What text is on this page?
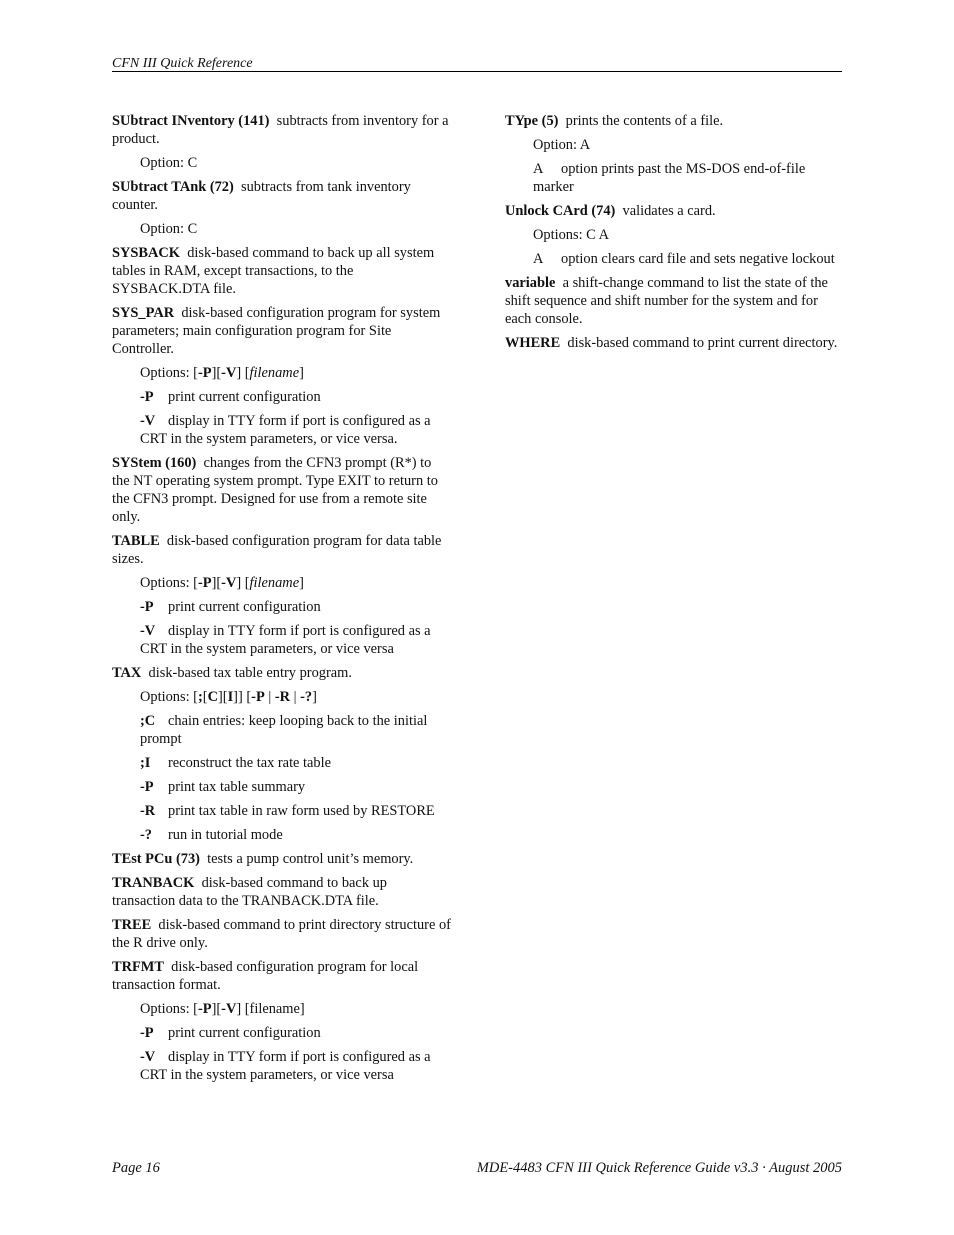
CFN III Quick Reference

SUbtract INventory (141) subtracts from inventory for a product.

Option: C

SUbtract TAnk (72) subtracts from tank inventory counter.

Option: C

SYSBACK disk-based command to back up all system tables in RAM, except transactions, to the SYSBACK.DTA file.

SYS_PAR disk-based configuration program for system parameters; main configuration program for Site Controller.

Options: [-P][-V] [filename]

-P print current configuration

-V display in TTY form if port is configured as a CRT in the system parameters, or vice versa.

SYStem (160) changes from the CFN3 prompt (R*) to the NT operating system prompt. Type EXIT to return to the CFN3 prompt. Designed for use from a remote site only.

TABLE disk-based configuration program for data table sizes.

Options: [-P][-V] [filename]

-P print current configuration

-V display in TTY form if port is configured as a CRT in the system parameters, or vice versa

TAX disk-based tax table entry program.

Options: [;[C][I]] [-P | -R | -?]

;C chain entries: keep looping back to the initial prompt

;I reconstruct the tax rate table

-P print tax table summary

-R print tax table in raw form used by RESTORE

-? run in tutorial mode

TEst PCu (73) tests a pump control unit’s memory.

TRANBACK disk-based command to back up transaction data to the TRANBACK.DTA file.

TREE disk-based command to print directory structure of the R drive only.

TRFMT disk-based configuration program for local transaction format.

Options: [-P][-V] [filename]

-P print current configuration

-V display in TTY form if port is configured as a CRT in the system parameters, or vice versa

TYpe (5) prints the contents of a file.

Option: A

A option prints past the MS-DOS end-of-file marker

Unlock CArd (74) validates a card.

Options: C A

A option clears card file and sets negative lockout

variable a shift-change command to list the state of the shift sequence and shift number for the system and for each console.

WHERE disk-based command to print current directory.

Page 16	MDE-4483 CFN III Quick Reference Guide v3.3 · August 2005
